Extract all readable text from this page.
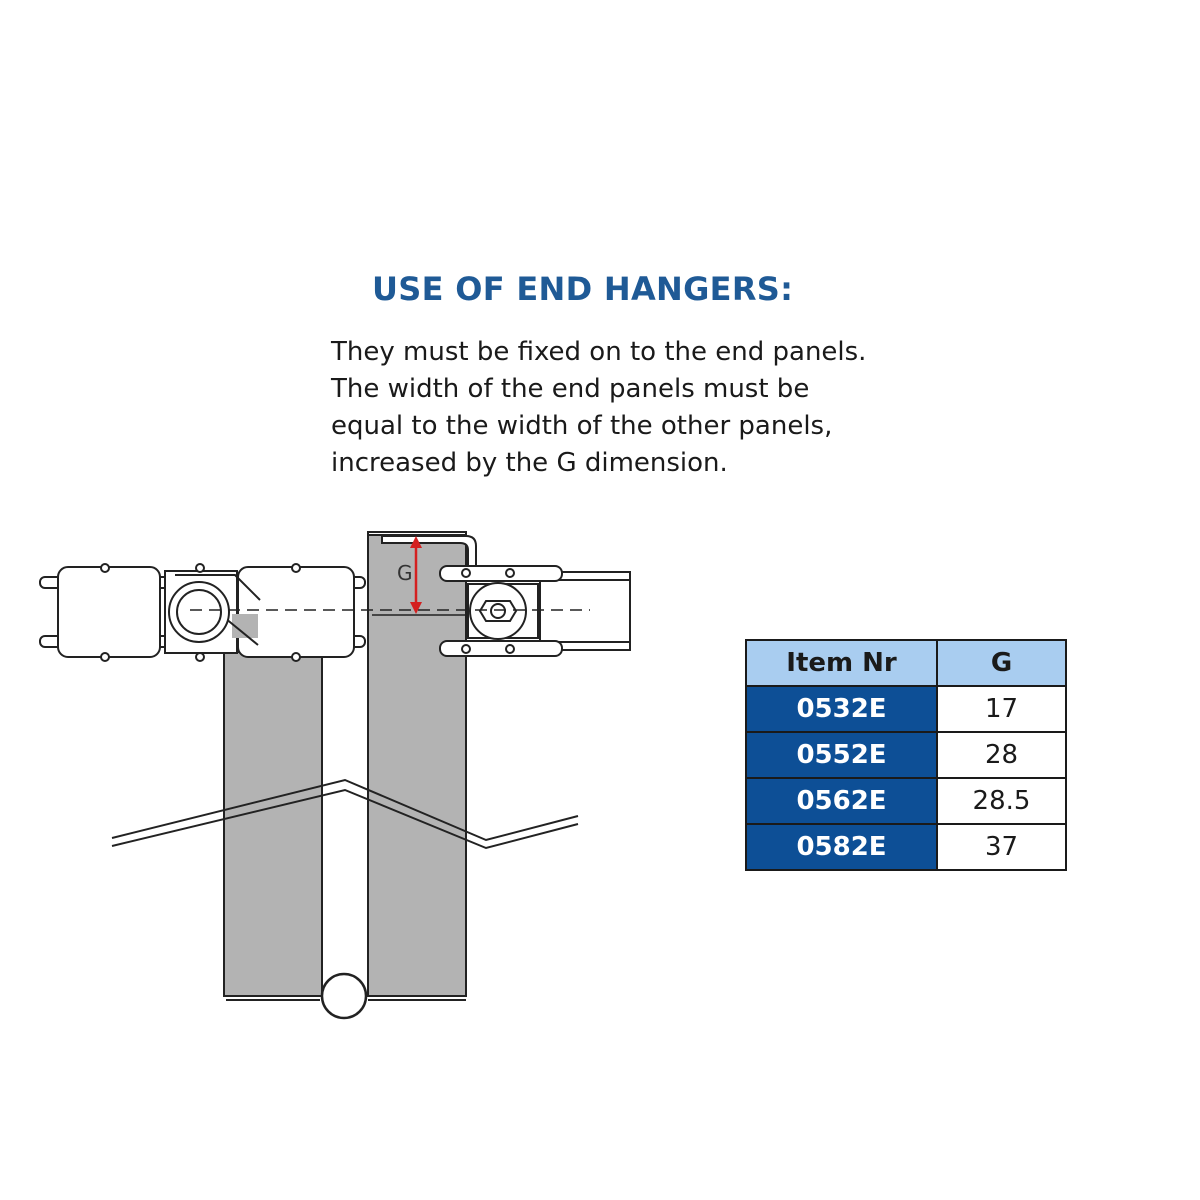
USE OF END HANGERS:

They must be fixed on to the end panels.
The width of the end panels must be
equal to the width of the other panels,
increased by the G dimension.

G
Item Nr	G
0532E	17
0552E	28
0562E	28.5
0582E	37
